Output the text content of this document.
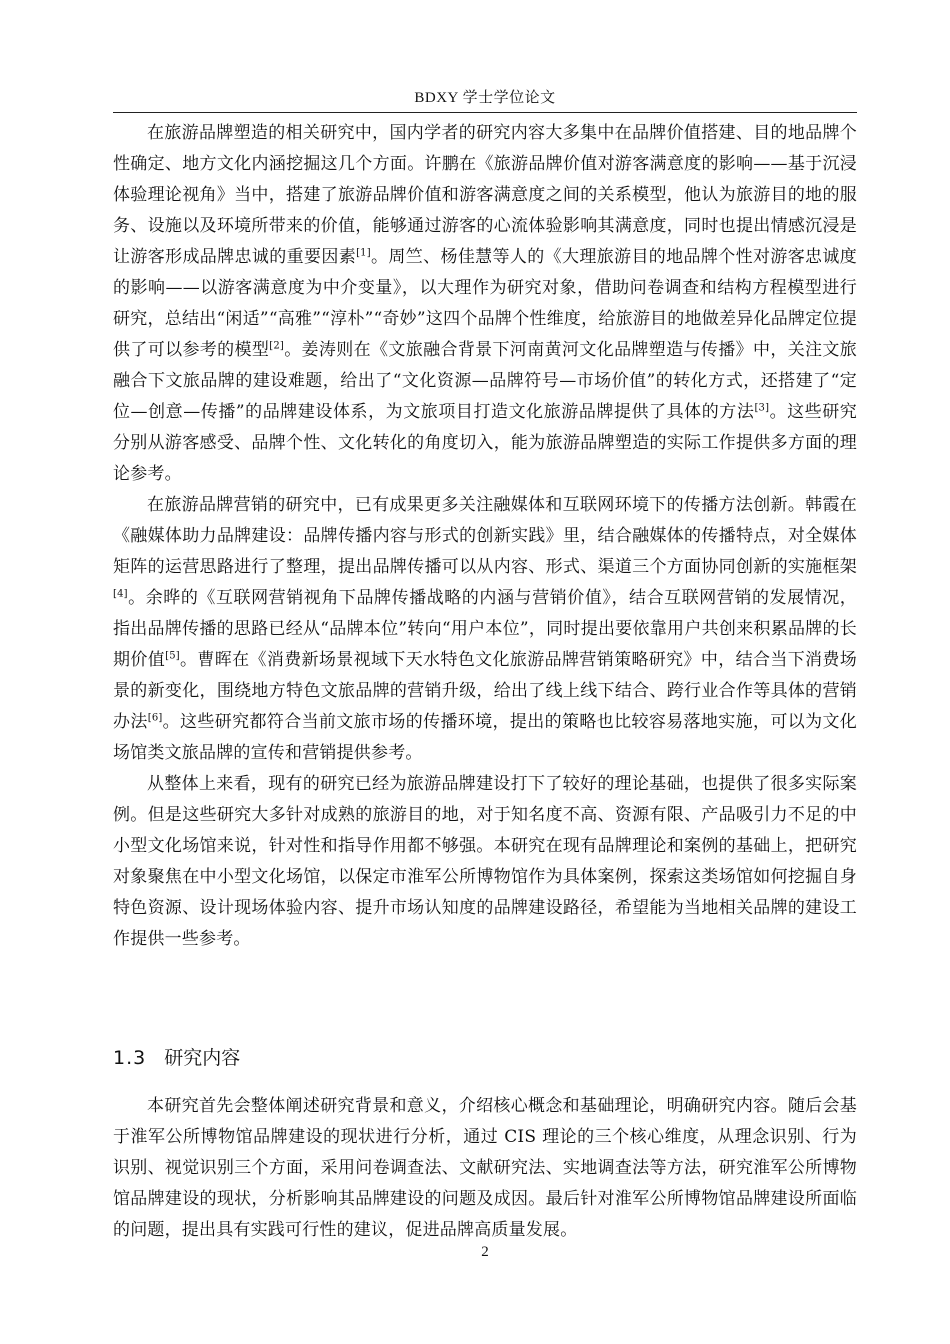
BDXY 学士学位论文

在旅游品牌塑造的相关研究中，国内学者的研究内容大多集中在品牌价值搭建、目的地品牌个性确定、地方文化内涵挖掘这几个方面。许鹏在《旅游品牌价值对游客满意度的影响——基于沉浸体验理论视角》当中，搭建了旅游品牌价值和游客满意度之间的关系模型，他认为旅游目的地的服务、设施以及环境所带来的价值，能够通过游客的心流体验影响其满意度，同时也提出情感沉浸是让游客形成品牌忠诚的重要因素[1]。周竺、杨佳慧等人的《大理旅游目的地品牌个性对游客忠诚度的影响——以游客满意度为中介变量》，以大理作为研究对象，借助问卷调查和结构方程模型进行研究，总结出“闲适”“高雅”“淳朴”“奇妙”这四个品牌个性维度，给旅游目的地做差异化品牌定位提供了可以参考的模型[2]。姜涛则在《文旅融合背景下河南黄河文化品牌塑造与传播》中，关注文旅融合下文旅品牌的建设难题，给出了“文化资源—品牌符号—市场价值”的转化方式，还搭建了“定位—创意—传播”的品牌建设体系，为文旅项目打造文化旅游品牌提供了具体的方法[3]。这些研究分别从游客感受、品牌个性、文化转化的角度切入，能为旅游品牌塑造的实际工作提供多方面的理论参考。

在旅游品牌营销的研究中，已有成果更多关注融媒体和互联网环境下的传播方法创新。韩霞在《融媒体助力品牌建设：品牌传播内容与形式的创新实践》里，结合融媒体的传播特点，对全媒体矩阵的运营思路进行了整理，提出品牌传播可以从内容、形式、渠道三个方面协同创新的实施框架[4]。余晔的《互联网营销视角下品牌传播战略的内涵与营销价值》，结合互联网营销的发展情况，指出品牌传播的思路已经从“品牌本位”转向“用户本位”，同时提出要依靠用户共创来积累品牌的长期价值[5]。曹晖在《消费新场景视域下天水特色文化旅游品牌营销策略研究》中，结合当下消费场景的新变化，围绕地方特色文旅品牌的营销升级，给出了线上线下结合、跨行业合作等具体的营销办法[6]。这些研究都符合当前文旅市场的传播环境，提出的策略也比较容易落地实施，可以为文化场馆类文旅品牌的宣传和营销提供参考。

从整体上来看，现有的研究已经为旅游品牌建设打下了较好的理论基础，也提供了很多实际案例。但是这些研究大多针对成熟的旅游目的地，对于知名度不高、资源有限、产品吸引力不足的中小型文化场馆来说，针对性和指导作用都不够强。本研究在现有品牌理论和案例的基础上，把研究对象聚焦在中小型文化场馆，以保定市淮军公所博物馆作为具体案例，探索这类场馆如何挖掘自身特色资源、设计现场体验内容、提升市场认知度的品牌建设路径，希望能为当地相关品牌的建设工作提供一些参考。

1.3 研究内容

本研究首先会整体阐述研究背景和意义，介绍核心概念和基础理论，明确研究内容。随后会基于淮军公所博物馆品牌建设的现状进行分析，通过 CIS 理论的三个核心维度，从理念识别、行为识别、视觉识别三个方面，采用问卷调查法、文献研究法、实地调查法等方法，研究淮军公所博物馆品牌建设的现状，分析影响其品牌建设的问题及成因。最后针对淮军公所博物馆品牌建设所面临的问题，提出具有实践可行性的建议，促进品牌高质量发展。

2
